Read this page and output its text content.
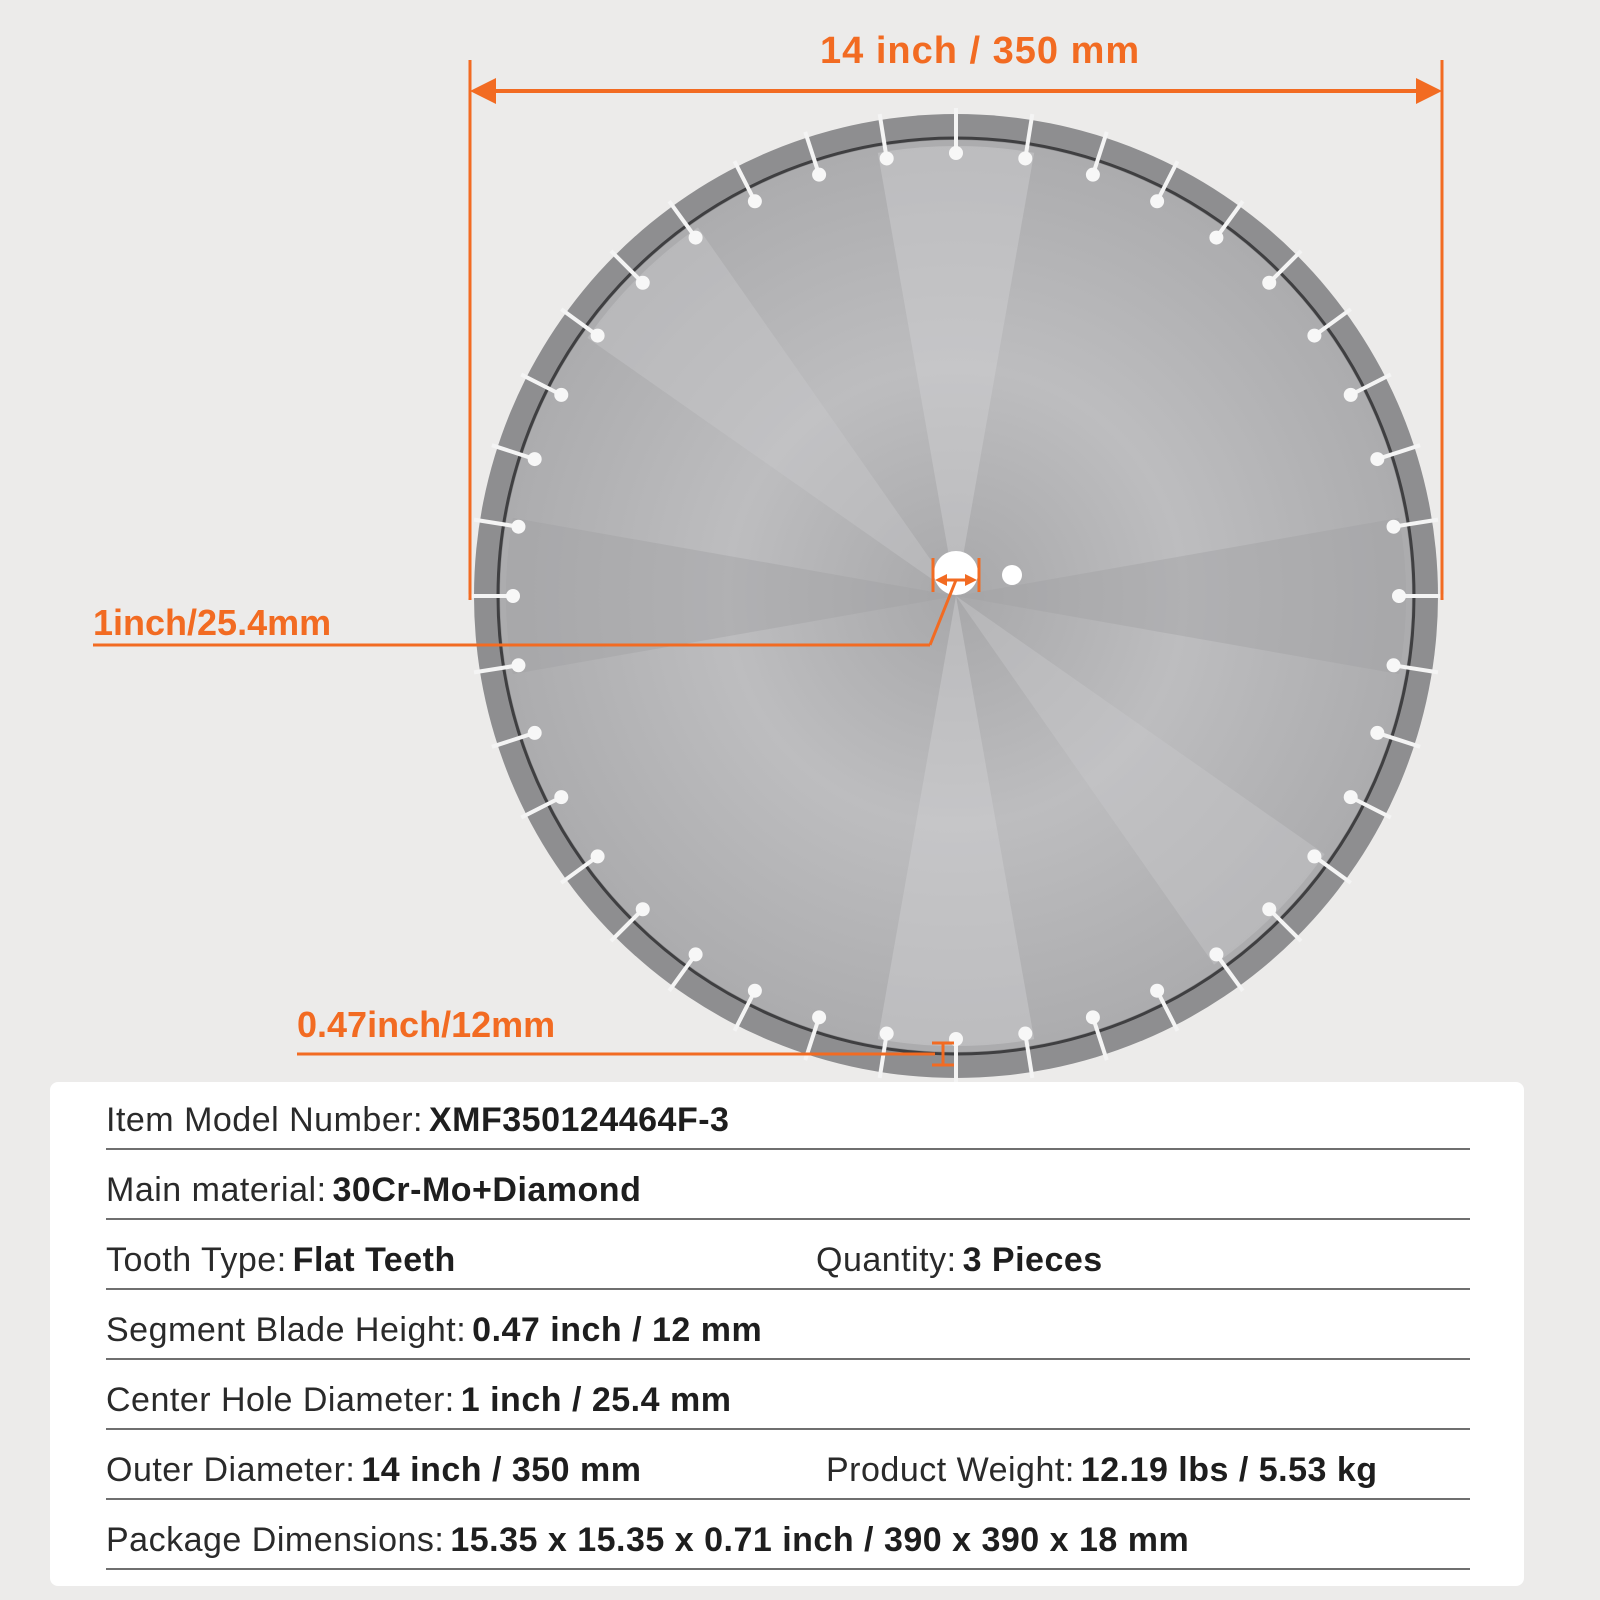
14 inch / 350 mm
1inch/25.4mm
0.47inch/12mm
Item Model Number: XMF350124464F-3
Main material: 30Cr-Mo+Diamond
Tooth Type: Flat Teeth	Quantity: 3 Pieces
Segment Blade Height: 0.47 inch / 12 mm
Center Hole Diameter: 1 inch / 25.4 mm
Outer Diameter: 14 inch / 350 mm	Product Weight: 12.19 lbs / 5.53 kg
Package Dimensions: 15.35 x 15.35 x 0.71 inch / 390 x 390 x 18 mm
